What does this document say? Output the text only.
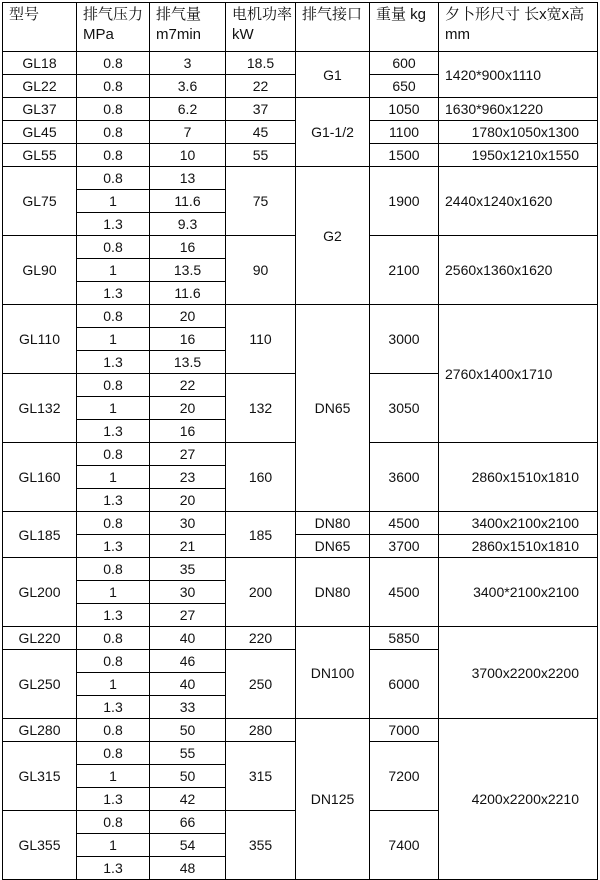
型号	排气压力 MPa	排气量 m7min	电机功率 kW	排气接口	重量 kg	夕卜形尺寸 长x宽x高 mm
GL18	0.8	3	18.5	G1	600	1420*900x1110
GL22	0.8	3.6	22		650	
GL37	0.8	6.2	37	G1-1/2	1050	1630*960x1220
GL45	0.8	7	45		1100	1780x1050x1300
GL55	0.8	10	55		1500	1950x1210x1550
GL75	0.8	13	75	G2	1900	2440x1240x1620
	1	11.6				
	1.3	9.3				
GL90	0.8	16	90		2100	2560x1360x1620
	1	13.5				
	1.3	11.6				
GL110	0.8	20	110	DN65	3000	2760x1400x1710
	1	16				
	1.3	13.5				
GL132	0.8	22	132		3050	
	1	20				
	1.3	16				
GL160	0.8	27	160		3600	2860x1510x1810
	1	23				
	1.3	20				
GL185	0.8	30	185	DN80	4500	3400x2100x2100
	1.3	21		DN65	3700	2860x1510x1810
GL200	0.8	35	200	DN80	4500	3400*2100x2100
	1	30				
	1.3	27				
GL220	0.8	40	220	DN100	5850	3700x2200x2200
GL250	0.8	46	250		6000	
	1	40				
	1.3	33				
GL280	0.8	50	280	DN125	7000	4200x2200x2210
GL315	0.8	55	315		7200	
	1	50				
	1.3	42				
GL355	0.8	66	355		7400	
	1	54				
	1.3	48				
